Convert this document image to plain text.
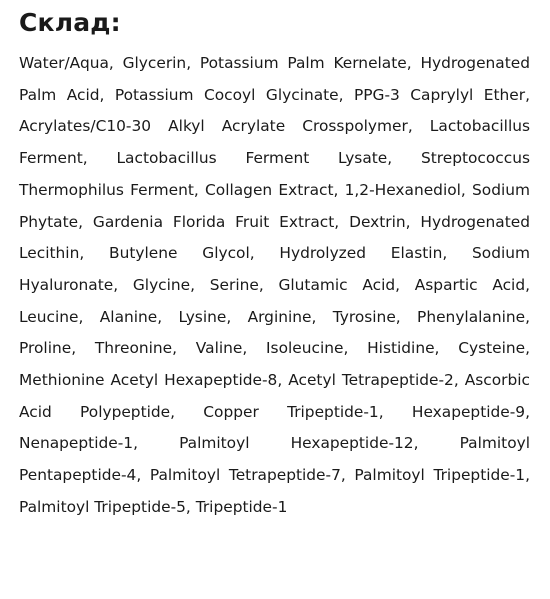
Склад:

Water/Aqua, Glycerin, Potassium Palm Kernelate, Hydrogenated Palm Acid, Potassium Cocoyl Glycinate, PPG-3 Caprylyl Ether, Acrylates/C10-30 Alkyl Acrylate Crosspolymer, Lactobacillus Ferment, Lactobacillus Ferment Lysate, Streptococcus Thermophilus Ferment, Collagen Extract, 1,2-Hexanediol, Sodium Phytate, Gardenia Florida Fruit Extract, Dextrin, Hydrogenated Lecithin, Butylene Glycol, Hydrolyzed Elastin, Sodium Hyaluronate, Glycine, Serine, Glutamic Acid, Aspartic Acid, Leucine, Alanine, Lysine, Arginine, Tyrosine, Phenylalanine, Proline, Threonine, Valine, Isoleucine, Histidine, Cysteine, Methionine Acetyl Hexapeptide-8, Acetyl Tetrapeptide-2, Ascorbic Acid Polypeptide, Copper Tripeptide-1, Hexapeptide-9, Nenapeptide-1, Palmitoyl Hexapeptide-12, Palmitoyl Pentapeptide-4, Palmitoyl Tetrapeptide-7, Palmitoyl Tripeptide-1, Palmitoyl Tripeptide-5, Tripeptide-1
